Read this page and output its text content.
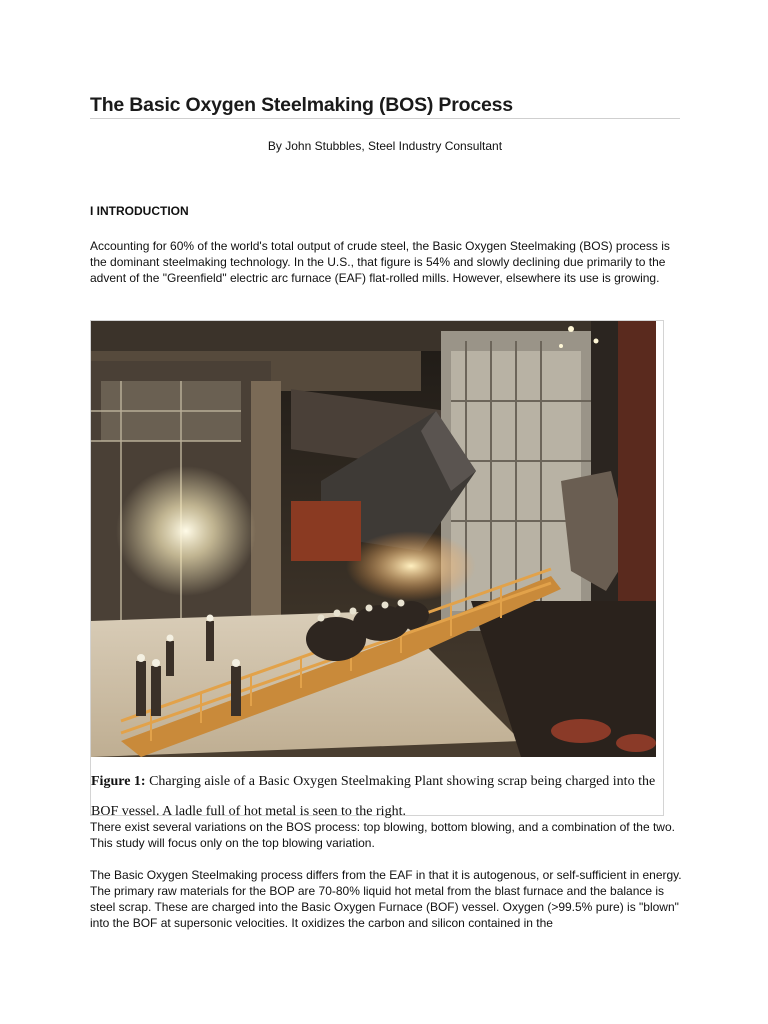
The Basic Oxygen Steelmaking (BOS) Process
By John Stubbles, Steel Industry Consultant
I INTRODUCTION

Accounting for 60% of the world's total output of crude steel, the Basic Oxygen Steelmaking (BOS) process is the dominant steelmaking technology. In the U.S., that figure is 54% and slowly declining due primarily to the advent of the "Greenfield" electric arc furnace (EAF) flat-rolled mills. However, elsewhere its use is growing.

Figure 1: Charging aisle of a Basic Oxygen Steelmaking Plant showing scrap being charged into the BOF vessel. A ladle full of hot metal is seen to the right.

There exist several variations on the BOS process: top blowing, bottom blowing, and a combination of the two. This study will focus only on the top blowing variation.

The Basic Oxygen Steelmaking process differs from the EAF in that it is autogenous, or self-sufficient in energy. The primary raw materials for the BOP are 70-80% liquid hot metal from the blast furnace and the balance is steel scrap. These are charged into the Basic Oxygen Furnace (BOF) vessel. Oxygen (>99.5% pure) is "blown" into the BOF at supersonic velocities. It oxidizes the carbon and silicon contained in the
